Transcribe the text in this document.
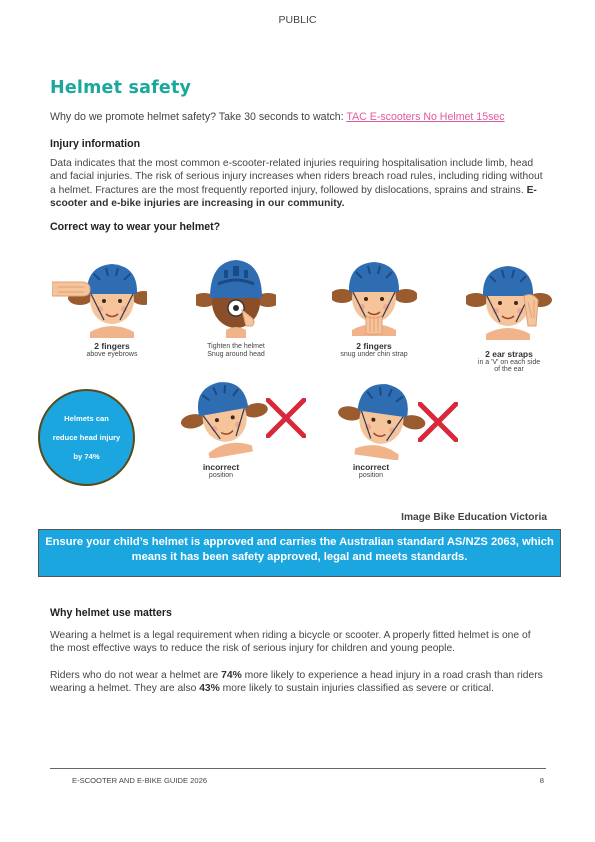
PUBLIC
Helmet safety
Why do we promote helmet safety? Take 30 seconds to watch: TAC E-scooters No Helmet 15sec
Injury information
Data indicates that the most common e-scooter-related injuries requiring hospitalisation include limb, head and facial injuries. The risk of serious injury increases when riders breach road rules, including riding without a helmet. Fractures are the most frequently reported injury, followed by dislocations, sprains and strains. E-scooter and e-bike injuries are increasing in our community.
Correct way to wear your helmet?
2 fingers
above eyebrows
Tighten the helmet
Snug around head
2 fingers
snug under chin strap	2 ear straps
in a 'V' on each side
of the ear

Helmets can
reduce head injury
by 74%
incorrect
position
incorrect
position
Image Bike Education Victoria
Ensure your child’s helmet is approved and carries the Australian standard AS/NZS 2063, which means it has been safety approved, legal and meets standards.
Why helmet use matters
Wearing a helmet is a legal requirement when riding a bicycle or scooter. A properly fitted helmet is one of the most effective ways to reduce the risk of serious injury for children and young people.
Riders who do not wear a helmet are 74% more likely to experience a head injury in a road crash than riders wearing a helmet. They are also 43% more likely to sustain injuries classified as severe or critical.
E-SCOOTER AND E-BIKE GUIDE 2026	8
